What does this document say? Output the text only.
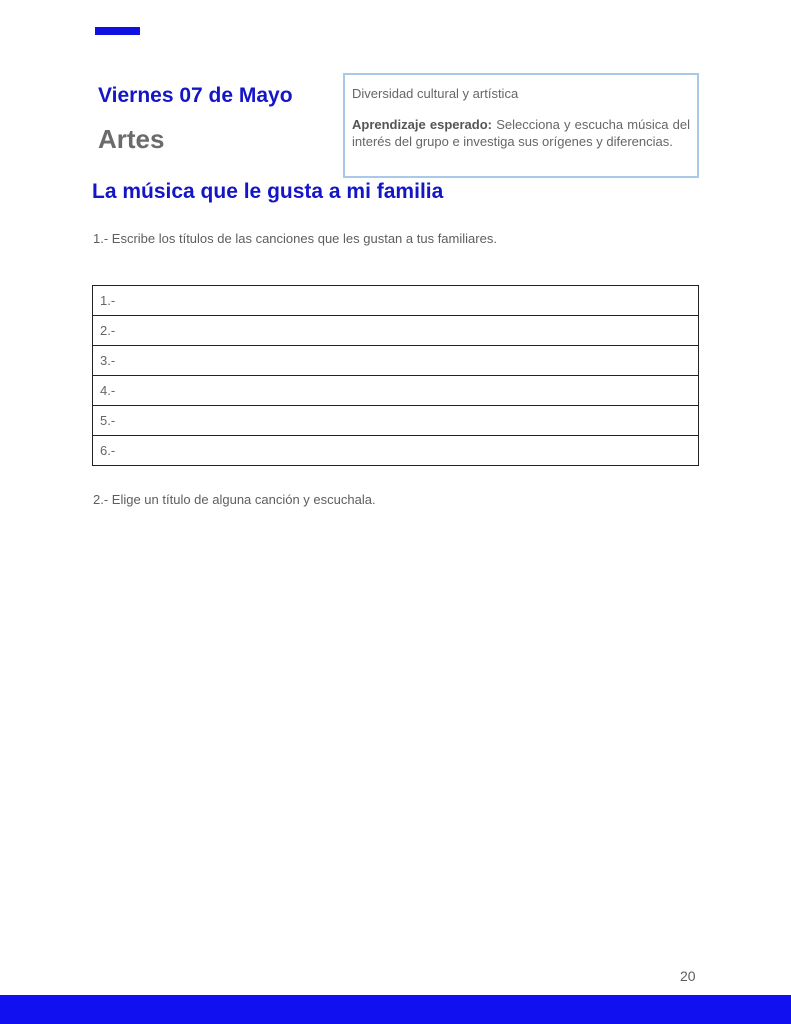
Viernes 07 de Mayo
Artes

Diversidad cultural y artística

Aprendizaje esperado: Selecciona y escucha música del interés del grupo e investiga sus orígenes y diferencias.

La música que le gusta a mi familia
1.- Escribe los títulos de las canciones que les gustan a tus familiares.
1.-
2.-
3.-
4.-
5.-
6.-
2.- Elige un título de alguna canción y escuchala.
20
